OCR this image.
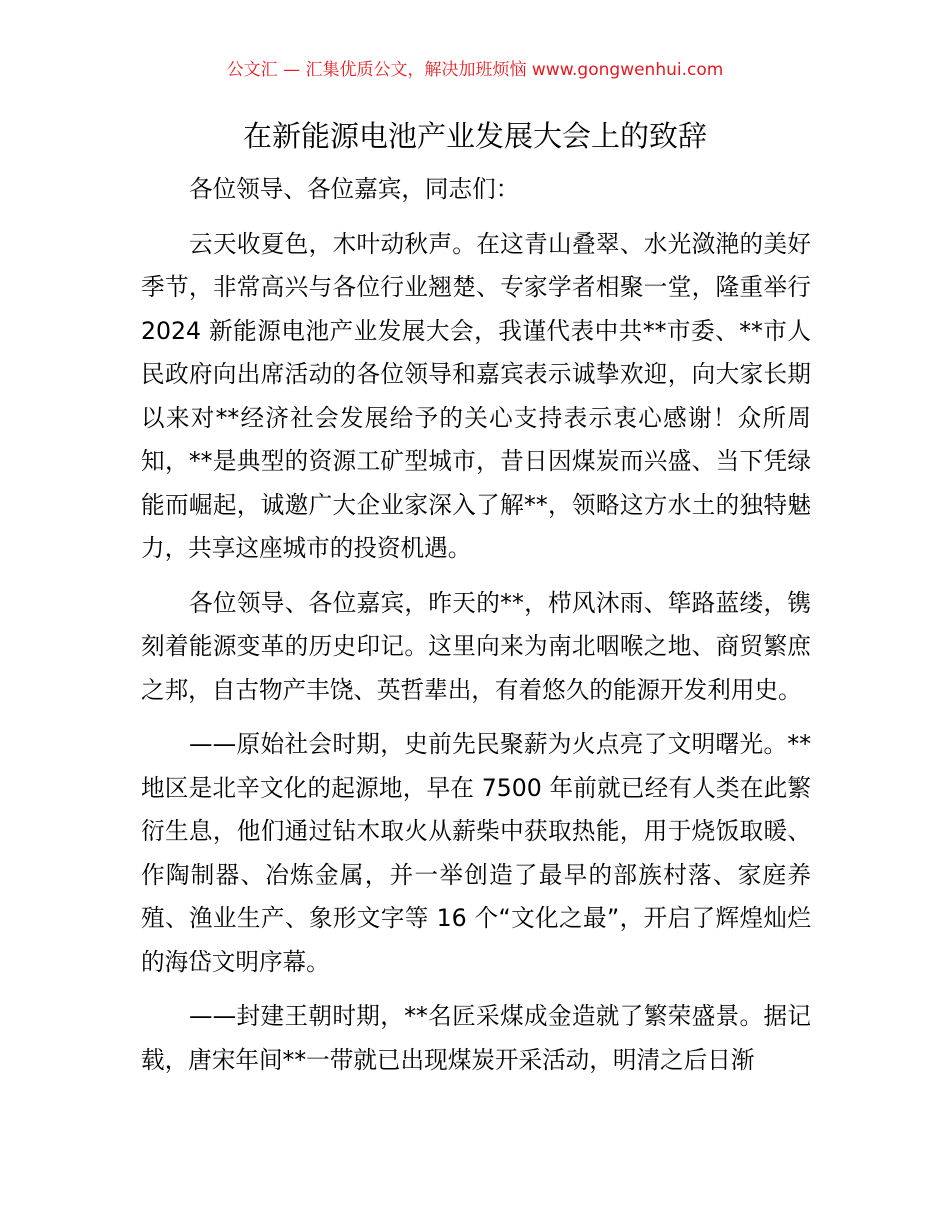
公文汇 — 汇集优质公文，解决加班烦恼 www.gongwenhui.com
在新能源电池产业发展大会上的致辞

各位领导、各位嘉宾，同志们：

云天收夏色，木叶动秋声。在这青山叠翠、水光潋滟的美好季节，非常高兴与各位行业翘楚、专家学者相聚一堂，隆重举行 2024 新能源电池产业发展大会，我谨代表中共**市委、**市人民政府向出席活动的各位领导和嘉宾表示诚挚欢迎，向大家长期以来对**经济社会发展给予的关心支持表示衷心感谢！众所周知，**是典型的资源工矿型城市，昔日因煤炭而兴盛、当下凭绿能而崛起，诚邀广大企业家深入了解**，领略这方水土的独特魅力，共享这座城市的投资机遇。

各位领导、各位嘉宾，昨天的**，栉风沐雨、筚路蓝缕，镌刻着能源变革的历史印记。这里向来为南北咽喉之地、商贸繁庶之邦，自古物产丰饶、英哲辈出，有着悠久的能源开发利用史。

——原始社会时期，史前先民聚薪为火点亮了文明曙光。**地区是北辛文化的起源地，早在 7500 年前就已经有人类在此繁衍生息，他们通过钻木取火从薪柴中获取热能，用于烧饭取暖、作陶制器、冶炼金属，并一举创造了最早的部族村落、家庭养殖、渔业生产、象形文字等 16 个“文化之最”，开启了辉煌灿烂的海岱文明序幕。

——封建王朝时期，**名匠采煤成金造就了繁荣盛景。据记载，唐宋年间**一带就已出现煤炭开采活动，明清之后日渐
